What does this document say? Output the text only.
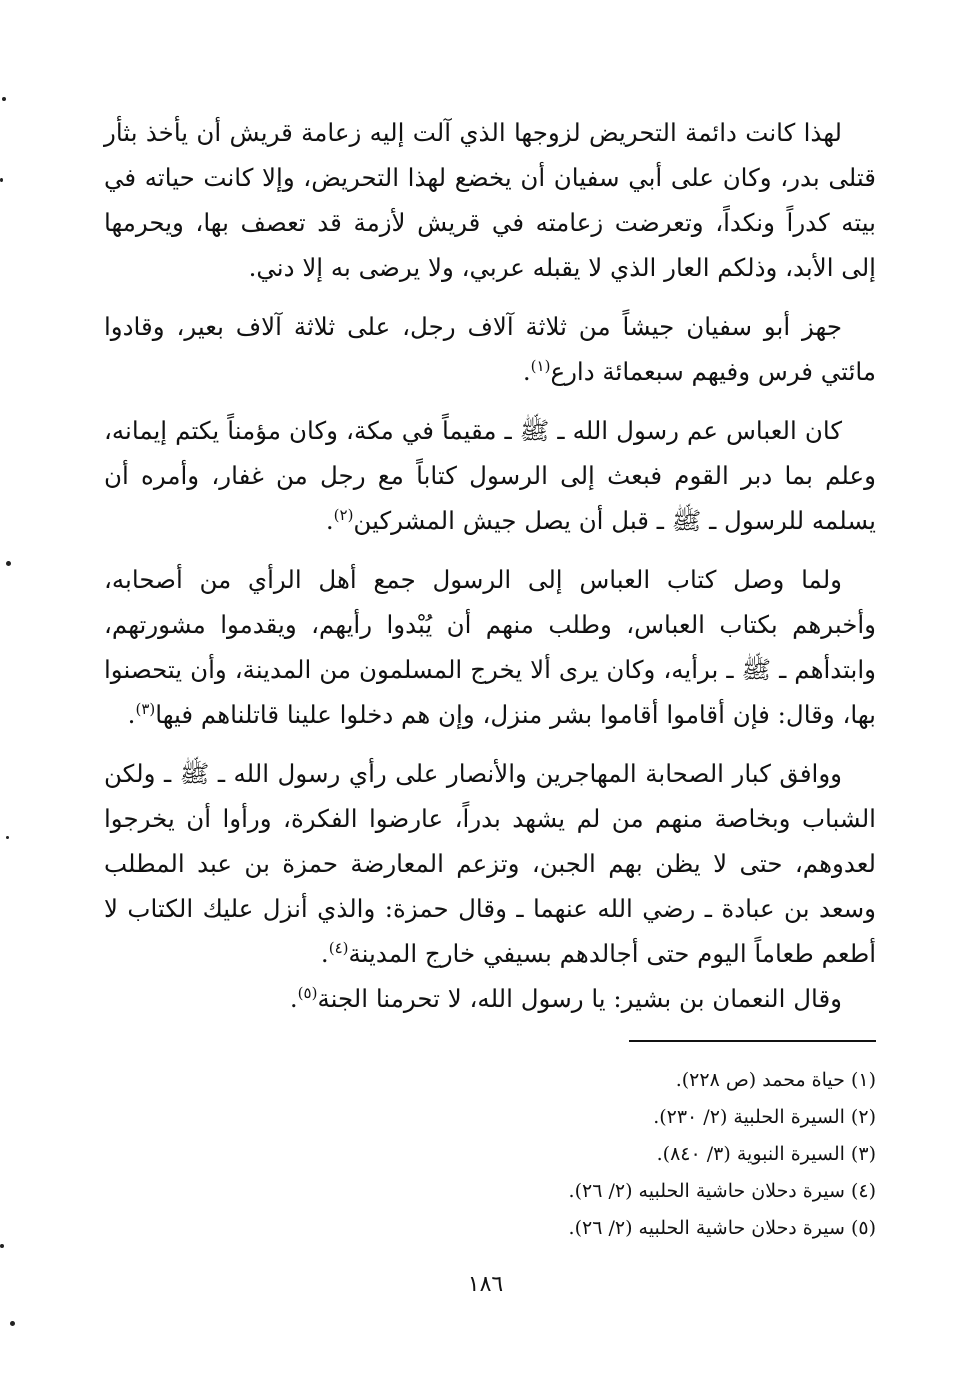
لهذا كانت دائمة التحريض لزوجها الذي آلت إليه زعامة قريش أن يأخذ بثأر قتلى بدر، وكان على أبي سفيان أن يخضع لهذا التحريض، وإلا كانت حياته في بيته كدراً ونكداً، وتعرضت زعامته في قريش لأزمة قد تعصف بها، ويحرمها إلى الأبد، وذلكم العار الذي لا يقبله عربي، ولا يرضى به إلا دني.

جهز أبو سفيان جيشاً من ثلاثة آلاف رجل، على ثلاثة آلاف بعير، وقادوا مائتي فرس وفيهم سبعمائة دارع$^{(١)}$.

كان العباس عم رسول الله ـ ﷺ ـ مقيماً في مكة، وكان مؤمناً يكتم إيمانه، وعلم بما دبر القوم فبعث إلى الرسول كتاباً مع رجل من غفار، وأمره أن يسلمه للرسول ـ ﷺ ـ قبل أن يصل جيش المشركين$^{(٢)}$.

ولما وصل كتاب العباس إلى الرسول جمع أهل الرأي من أصحابه، وأخبرهم بكتاب العباس، وطلب منهم أن يُبْدوا رأيهم، ويقدموا مشورتهم، وابتدأهم ـ ﷺ ـ برأيه، وكان يرى ألا يخرج المسلمون من المدينة، وأن يتحصنوا بها، وقال: فإن أقاموا أقاموا بشر منزل، وإن هم دخلوا علينا قاتلناهم فيها$^{(٣)}$.

ووافق كبار الصحابة المهاجرين والأنصار على رأي رسول الله ـ ﷺ ـ ولكن الشباب وبخاصة منهم من لم يشهد بدراً، عارضوا الفكرة، ورأوا أن يخرجوا لعدوهم، حتى لا يظن بهم الجبن، وتزعم المعارضة حمزة بن عبد المطلب وسعد بن عبادة ـ رضي الله عنهما ـ وقال حمزة: والذي أنزل عليك الكتاب لا أطعم طعاماً اليوم حتى أجالدهم بسيفي خارج المدينة$^{(٤)}$.

وقال النعمان بن بشير: يا رسول الله، لا تحرمنا الجنة$^{(٥)}$.

(١) حياة محمد (ص ٢٢٨).
(٢) السيرة الحلبية (٢/ ٢٣٠).
(٣) السيرة النبوية (٣/ ٨٤٠).
(٤) سيرة دحلان حاشية الحلبيه (٢/ ٢٦).
(٥) سيرة دحلان حاشية الحلبيه (٢/ ٢٦).
١٨٦
